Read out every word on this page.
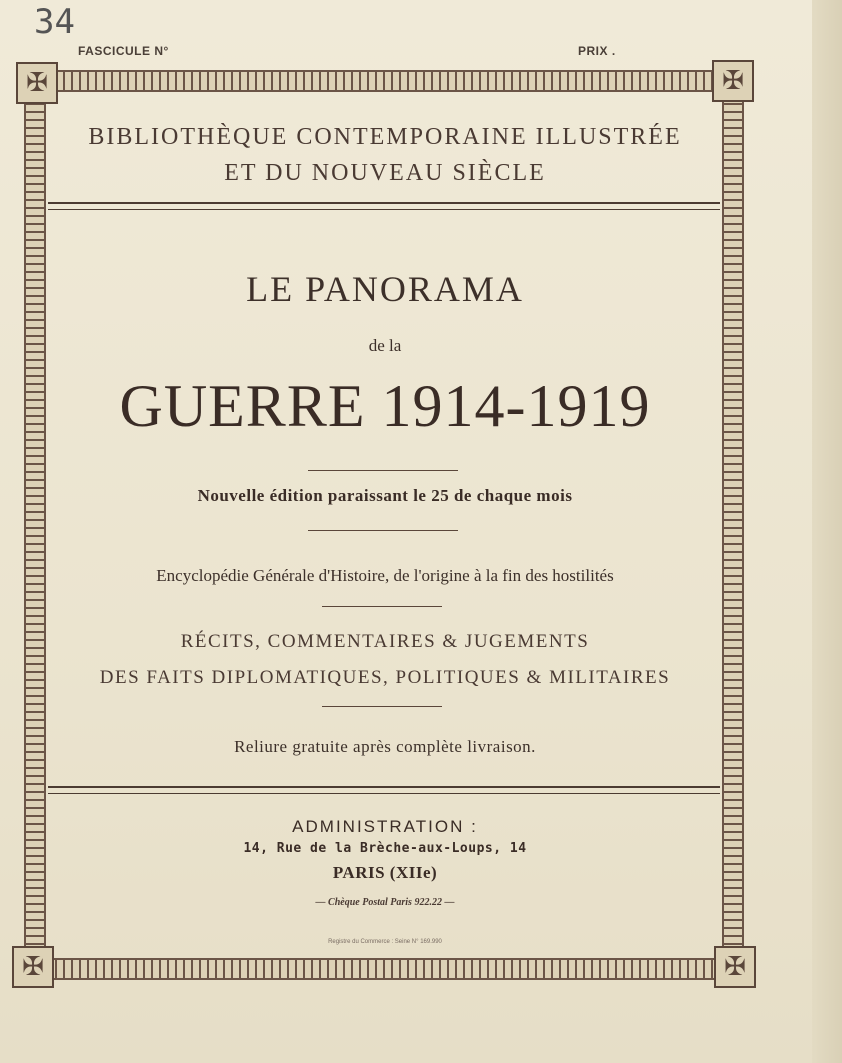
34
FASCICULE N°	PRIX .
✠	✠
✠	✠
BIBLIOTHÈQUE CONTEMPORAINE ILLUSTRÉE
ET DU NOUVEAU SIÈCLE
LE PANORAMA
de la
GUERRE 1914-1919
Nouvelle édition paraissant le 25 de chaque mois
Encyclopédie Générale d'Histoire, de l'origine à la fin des hostilités
RÉCITS, COMMENTAIRES & JUGEMENTS
DES FAITS DIPLOMATIQUES, POLITIQUES & MILITAIRES
Reliure gratuite après complète livraison.
ADMINISTRATION :
14, Rue de la Brèche-aux-Loups, 14
PARIS (XIIe)
— Chèque Postal Paris 922.22 —
Registre du Commerce : Seine N° 169.990
